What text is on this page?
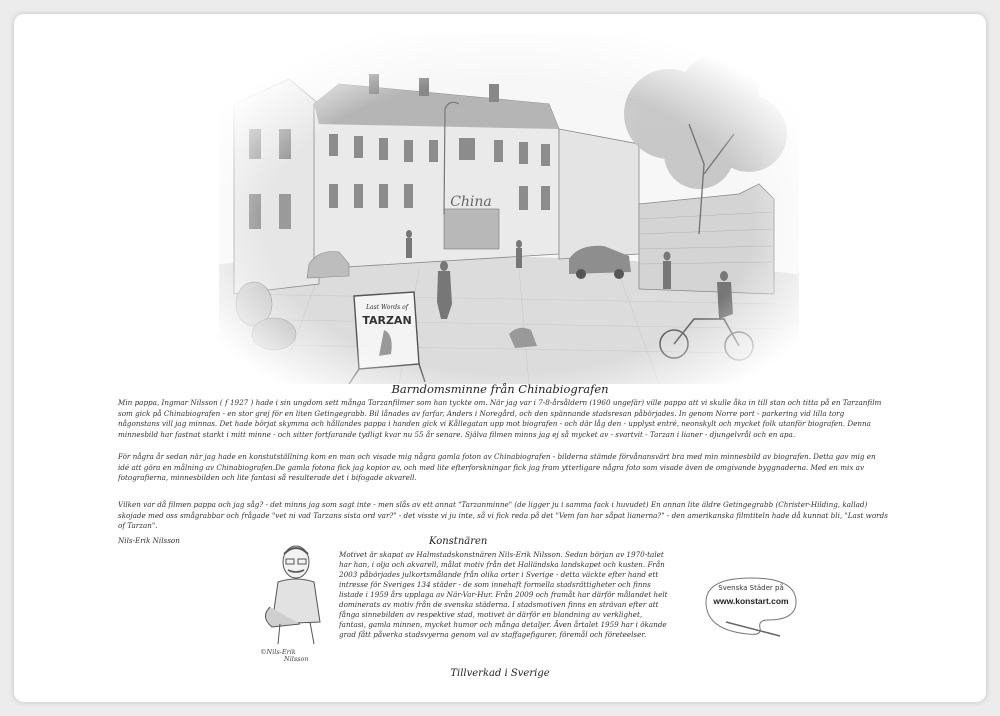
Barndomsminne från Chinabiografen

Min pappa, Ingmar Nilsson ( f 1927 ) hade i sin ungdom sett många Tarzanfilmer som han tyckte om. När jag var i 7-8-årsåldern (1960 ungefär) ville pappa att vi skulle åka in till stan och titta på en Tarzanfilm som gick på Chinabiografen - en stor grej för en liten Getingegrabb. Bil lånades av farfar, Anders i Noregård, och den spännande stadsresan påbörjades. In genom Norre port - parkering vid lilla torg någonstans vill jag minnas. Det hade börjat skymma och hållandes pappa i handen gick vi Kållegatan upp mot biografen - och där låg den - upplyst entré, neonskylt och mycket folk utanför biografen. Denna minnesbild har fastnat starkt i mitt minne - och sitter fortfarande tydligt kvar nu 55 år senare. Själva filmen minns jag ej så mycket av - svartvit - Tarzan i lianer - djungelvrål och en apa.

För några år sedan när jag hade en konstutställning kom en man och visade mig några gamla foton av Chinabiografen - bilderna stämde förvånansvärt bra med min minnesbild av biografen. Detta gav mig en idé att göra en målning av Chinabiografen.De gamla fotona fick jag kopior av, och med lite efterforskningar fick jag fram ytterligare några foto som visade även de omgivande byggnaderna. Med en mix av fotografierna, minnesbilden och lite fantasi så resulterade det i bifogade akvarell.

Vilken var då filmen pappa och jag såg? - det minns jag som sagt inte - men slås av ett annat "Tarzanminne" (de ligger ju i samma fack i huvudet) En annan lite äldre Getingegrabb (Christer-Hilding, kallad) skojade med oss smågrabbar och frågade "vet ni vad Tarzans sista ord var?" - det visste vi ju inte, så vi fick reda på det "Vem fan har såpat lianerna?" - den amerikanska filmtiteln hade då kunnat bli, "Last words of Tarzan".

Nils-Erik Nilsson
©Nils-Erik
Nilsson
Konstnären

Motivet är skapat av Halmstadskonstnären Nils-Erik Nilsson. Sedan början av 1970-talet har han, i olja och akvarell, målat motiv från det Halländska landskapet och kusten. Från 2003 påbörjades julkortsmålande från olika orter i Sverige - detta väckte efter hand ett intresse för Sveriges 134 städer - de som innehaft formella stadsrättigheter och finns listade i 1959 års upplaga av När-Var-Hur. Från 2009 och framåt har därför målandet helt dominerats av motiv från de svenska städerna. I stadsmotiven finns en strävan efter att fånga sinnebilden av respektive stad, motivet är därför en blandning av verklighet, fantasi, gamla minnen, mycket humor och många detaljer. Även årtalet 1959 har i ökande grad fått påverka stadsvyerna genom val av staffagefigurer, föremål och företeelser.

Svenska Städer på
www.konstart.com
Tillverkad i Sverige
